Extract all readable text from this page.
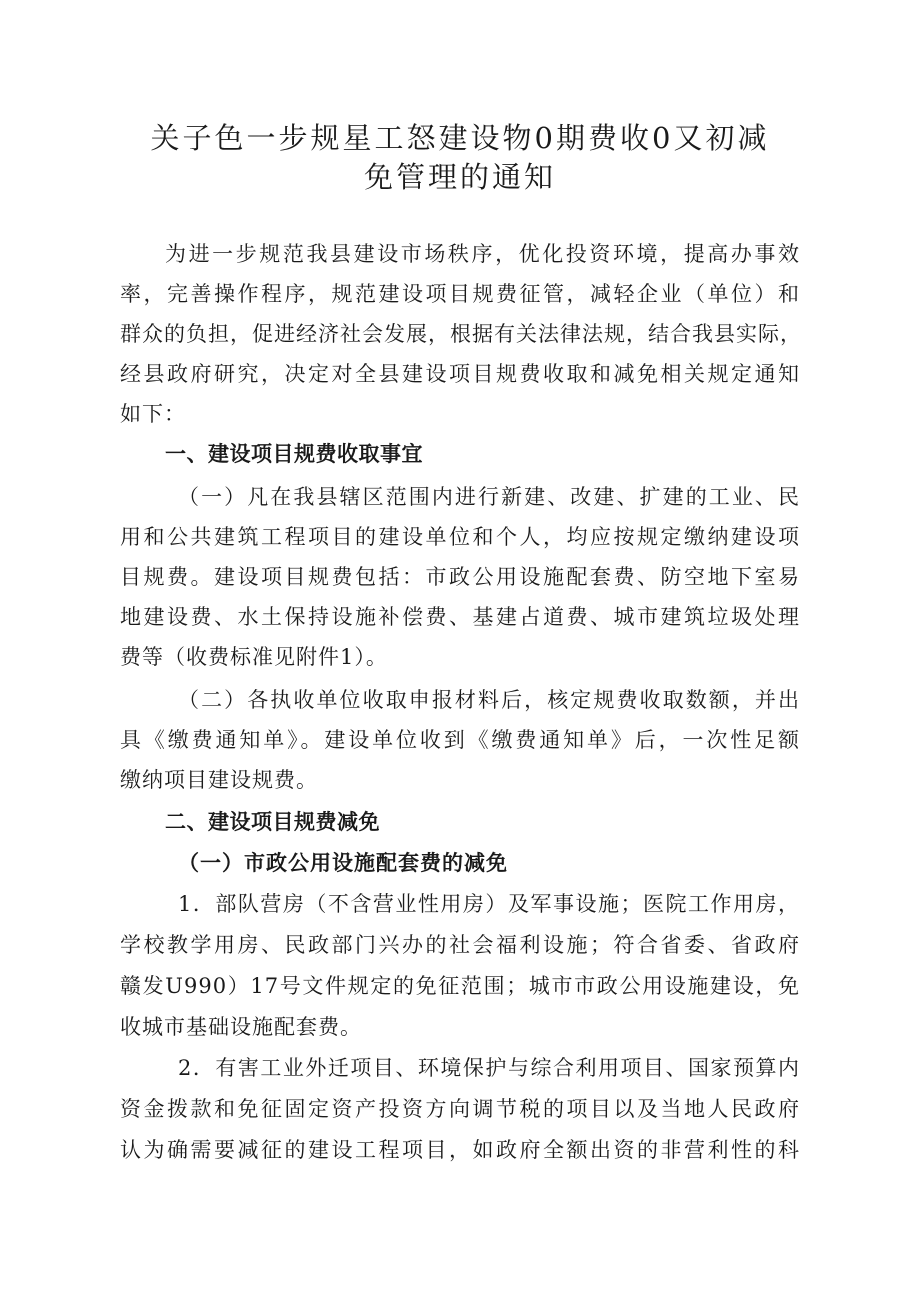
关子色一步规星工怒建设物0期费收0又初减
免管理的通知

为进一步规范我县建设市场秩序，优化投资环境，提高办事效

率，完善操作程序，规范建设项目规费征管，减轻企业（单位）和

群众的负担，促进经济社会发展，根据有关法律法规，结合我县实际，

经县政府研究，决定对全县建设项目规费收取和减免相关规定通知

如下：

一、建设项目规费收取事宜

（一）凡在我县辖区范围内进行新建、改建、扩建的工业、民

用和公共建筑工程项目的建设单位和个人，均应按规定缴纳建设项

目规费。建设项目规费包括：市政公用设施配套费、防空地下室易

地建设费、水土保持设施补偿费、基建占道费、城市建筑垃圾处理

费等（收费标准见附件1）。

（二）各执收单位收取申报材料后，核定规费收取数额，并出

具《缴费通知单》。建设单位收到《缴费通知单》后，一次性足额

缴纳项目建设规费。

二、建设项目规费减免

（一）市政公用设施配套费的减免

1．部队营房（不含营业性用房）及军事设施；医院工作用房，

学校教学用房、民政部门兴办的社会福利设施；符合省委、省政府

赣发U990）17号文件规定的免征范围；城市市政公用设施建设，免

收城市基础设施配套费。

2．有害工业外迁项目、环境保护与综合利用项目、国家预算内

资金拨款和免征固定资产投资方向调节税的项目以及当地人民政府

认为确需要减征的建设工程项目，如政府全额出资的非营利性的科
